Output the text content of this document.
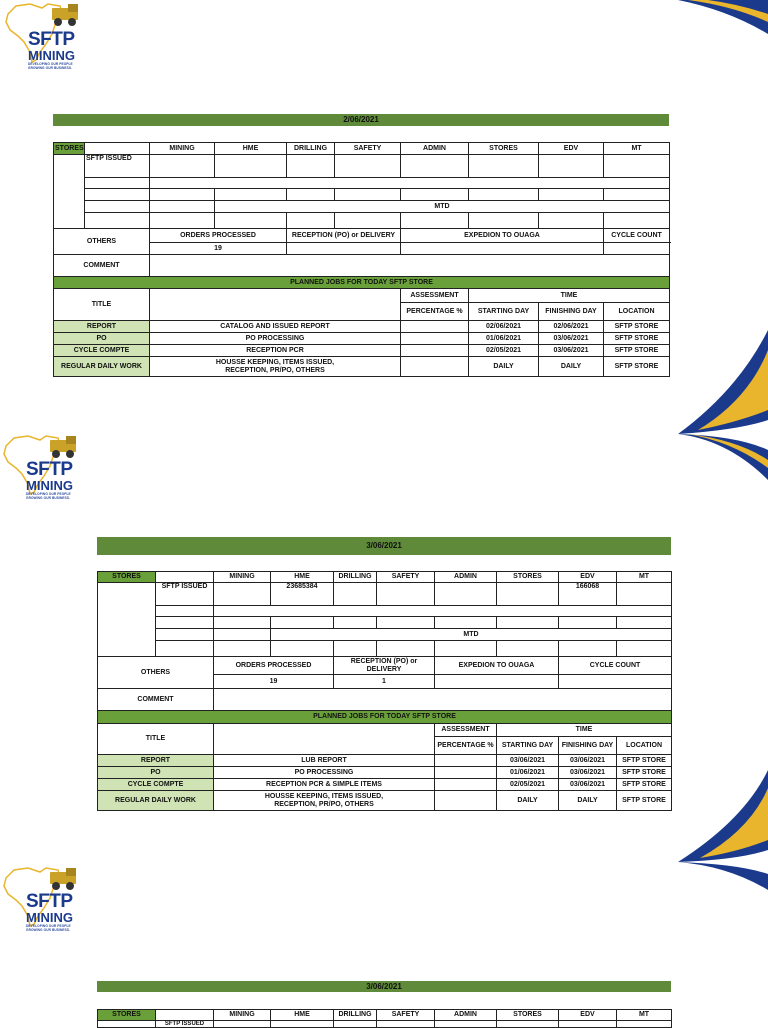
SFTP
MINING
DEVELOPING OUR PEOPLE
GROWING OUR BUSINESS.
SFTP
MINING
DEVELOPING OUR PEOPLE
GROWING OUR BUSINESS.
SFTP
MINING
DEVELOPING OUR PEOPLE
GROWING OUR BUSINESS.
2/06/2021
STORES		MINING	HME	DRILLING	SAFETY	ADMIN	STORES	EDV	MT
	SFTP ISSUED								

			MTD						

OTHERS		ORDERS PROCESSED		RECEPTION (PO) or DELIVERY		EXPEDION TO OUAGA			CYCLE COUNT
		19							
COMMENT									
PLANNED JOBS FOR TODAY SFTP STORE									
TITLE						ASSESSMENT	TIME		
						PERCENTAGE %	STARTING DAY	FINISHING DAY	LOCATION
REPORT		CATALOG AND ISSUED REPORT					02/06/2021	02/06/2021	SFTP STORE
PO		PO PROCESSING					01/06/2021	03/06/2021	SFTP STORE
CYCLE COMPTE		RECEPTION PCR					02/05/2021	03/06/2021	SFTP STORE
REGULAR DAILY WORK		HOUSSE KEEPING, ITEMS ISSUED,
RECEPTION, PR/PO, OTHERS					DAILY	DAILY	SFTP STORE
3/06/2021
STORES		MINING	HME	DRILLING	SAFETY	ADMIN	STORES	EDV	MT
	SFTP ISSUED		23685384					166068	

			MTD						

OTHERS		ORDERS PROCESSED		RECEPTION (PO) or DELIVERY		EXPEDION TO OUAGA		CYCLE COUNT	
		19		1					
COMMENT									
PLANNED JOBS FOR TODAY SFTP STORE									
TITLE						ASSESSMENT	TIME		
						PERCENTAGE %	STARTING DAY	FINISHING DAY	LOCATION
REPORT		LUB REPORT					03/06/2021	03/06/2021	SFTP STORE
PO		PO PROCESSING					01/06/2021	03/06/2021	SFTP STORE
CYCLE COMPTE		RECEPTION PCR & SIMPLE ITEMS					02/05/2021	03/06/2021	SFTP STORE
REGULAR DAILY WORK		HOUSSE KEEPING, ITEMS ISSUED,
RECEPTION, PR/PO, OTHERS					DAILY	DAILY	SFTP STORE
3/06/2021
STORES		MINING	HME	DRILLING	SAFETY	ADMIN	STORES	EDV	MT
	SFTP ISSUED								
